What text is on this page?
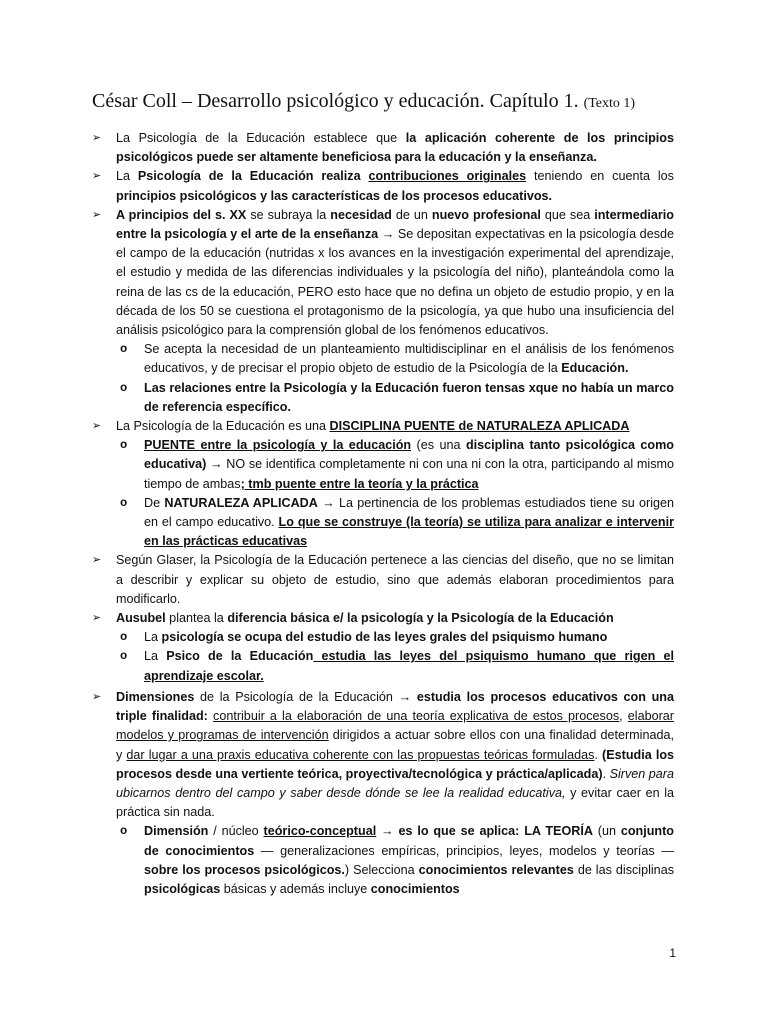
César Coll – Desarrollo psicológico y educación. Capítulo 1. (Texto 1)

➢	La Psicología de la Educación establece que la aplicación coherente de los principios psicológicos puede ser altamente beneficiosa para la educación y la enseñanza.

➢	La Psicología de la Educación realiza contribuciones originales teniendo en cuenta los principios psicológicos y las características de los procesos educativos.

➢	A principios del s. XX se subraya la necesidad de un nuevo profesional que sea intermediario entre la psicología y el arte de la enseñanza → Se depositan expectativas en la psicología desde el campo de la educación (nutridas x los avances en la investigación experimental del aprendizaje, el estudio y medida de las diferencias individuales y la psicología del niño), planteándola como la reina de las cs de la educación, PERO esto hace que no defina un objeto de estudio propio, y en la década de los 50 se cuestiona el protagonismo de la psicología, ya que hubo una insuficiencia del análisis psicológico para la comprensión global de los fenómenos educativos.

o Se acepta la necesidad de un planteamiento multidisciplinar en el análisis de los fenómenos educativos, y de precisar el propio objeto de estudio de la Psicología de la Educación.

o Las relaciones entre la Psicología y la Educación fueron tensas xque no había un marco de referencia específico.

➢	La Psicología de la Educación es una DISCIPLINA PUENTE de NATURALEZA APLICADA

o PUENTE entre la psicología y la educación (es una disciplina tanto psicológica como educativa) → NO se identifica completamente ni con una ni con la otra, participando al mismo tiempo de ambas; tmb puente entre la teoría y la práctica

o De NATURALEZA APLICADA → La pertinencia de los problemas estudiados tiene su origen en el campo educativo. Lo que se construye (la teoría) se utiliza para analizar e intervenir en las prácticas educativas

➢	Según Glaser, la Psicología de la Educación pertenece a las ciencias del diseño, que no se limitan a describir y explicar su objeto de estudio, sino que además elaboran procedimientos para modificarlo.

➢	Ausubel plantea la diferencia básica e/ la psicología y la Psicología de la Educación

o La psicología se ocupa del estudio de las leyes grales del psiquismo humano

o La Psico de la Educación estudia las leyes del psiquismo humano que rigen el aprendizaje escolar.

➢	Dimensiones de la Psicología de la Educación → estudia los procesos educativos con una triple finalidad: contribuir a la elaboración de una teoría explicativa de estos procesos, elaborar modelos y programas de intervención dirigidos a actuar sobre ellos con una finalidad determinada, y dar lugar a una praxis educativa coherente con las propuestas teóricas formuladas. (Estudia los procesos desde una vertiente teórica, proyectiva/tecnológica y práctica/aplicada). Sirven para ubicarnos dentro del campo y saber desde dónde se lee la realidad educativa, y evitar caer en la práctica sin nada.

o Dimensión / núcleo teórico-conceptual → es lo que se aplica: LA TEORÍA (un conjunto de conocimientos — generalizaciones empíricas, principios, leyes, modelos y teorías — sobre los procesos psicológicos.) Selecciona conocimientos relevantes de las disciplinas psicológicas básicas y además incluye conocimientos

1
